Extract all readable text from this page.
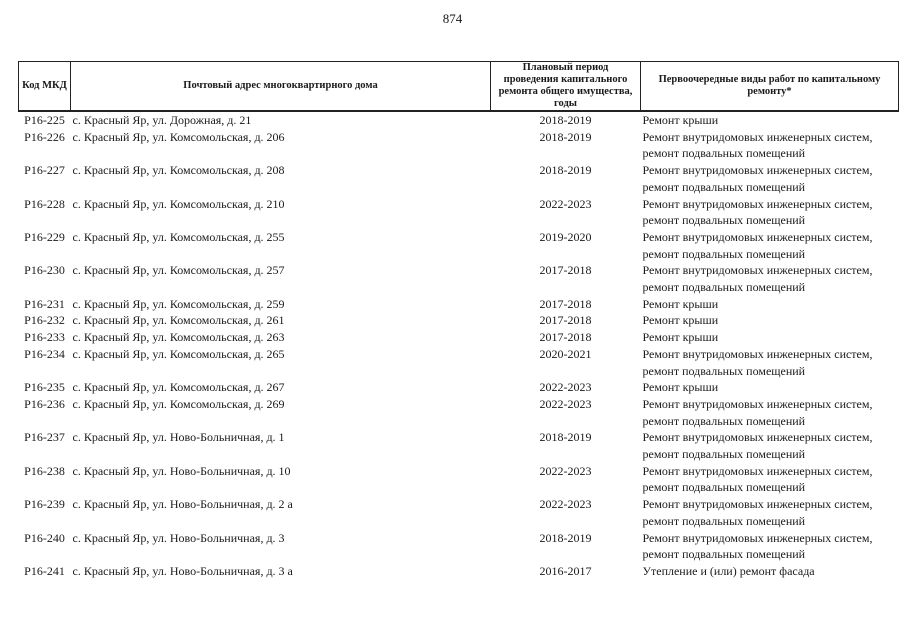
874
Код МКД	Почтовый адрес многоквартирного дома	Плановый период проведения капитального ремонта общего имущества, годы	Первоочередные виды работ по капитальному ремонту*
Р16-225	с. Красный Яр, ул. Дорожная, д. 21	2018-2019	Ремонт крыши

Р16-226	с. Красный Яр, ул. Комсомольская, д. 206	2018-2019	Ремонт внутридомовых инженерных систем,
ремонт подвальных помещений

Р16-227	с. Красный Яр, ул. Комсомольская, д. 208	2018-2019	Ремонт внутридомовых инженерных систем,
ремонт подвальных помещений

Р16-228	с. Красный Яр, ул. Комсомольская, д. 210	2022-2023	Ремонт внутридомовых инженерных систем,
ремонт подвальных помещений

Р16-229	с. Красный Яр, ул. Комсомольская, д. 255	2019-2020	Ремонт внутридомовых инженерных систем,
ремонт подвальных помещений

Р16-230	с. Красный Яр, ул. Комсомольская, д. 257	2017-2018	Ремонт внутридомовых инженерных систем,
ремонт подвальных помещений

Р16-231	с. Красный Яр, ул. Комсомольская, д. 259	2017-2018	Ремонт крыши

Р16-232	с. Красный Яр, ул. Комсомольская, д. 261	2017-2018	Ремонт крыши

Р16-233	с. Красный Яр, ул. Комсомольская, д. 263	2017-2018	Ремонт крыши

Р16-234	с. Красный Яр, ул. Комсомольская, д. 265	2020-2021	Ремонт внутридомовых инженерных систем,
ремонт подвальных помещений

Р16-235	с. Красный Яр, ул. Комсомольская, д. 267	2022-2023	Ремонт крыши

Р16-236	с. Красный Яр, ул. Комсомольская, д. 269	2022-2023	Ремонт внутридомовых инженерных систем,
ремонт подвальных помещений

Р16-237	с. Красный Яр, ул. Ново-Больничная, д. 1	2018-2019	Ремонт внутридомовых инженерных систем,
ремонт подвальных помещений

Р16-238	с. Красный Яр, ул. Ново-Больничная, д. 10	2022-2023	Ремонт внутридомовых инженерных систем,
ремонт подвальных помещений

Р16-239	с. Красный Яр, ул. Ново-Больничная, д. 2 а	2022-2023	Ремонт внутридомовых инженерных систем,
ремонт подвальных помещений

Р16-240	с. Красный Яр, ул. Ново-Больничная, д. 3	2018-2019	Ремонт внутридомовых инженерных систем,
ремонт подвальных помещений

Р16-241	с. Красный Яр, ул. Ново-Больничная, д. 3 а	2016-2017	Утепление и (или) ремонт фасада
